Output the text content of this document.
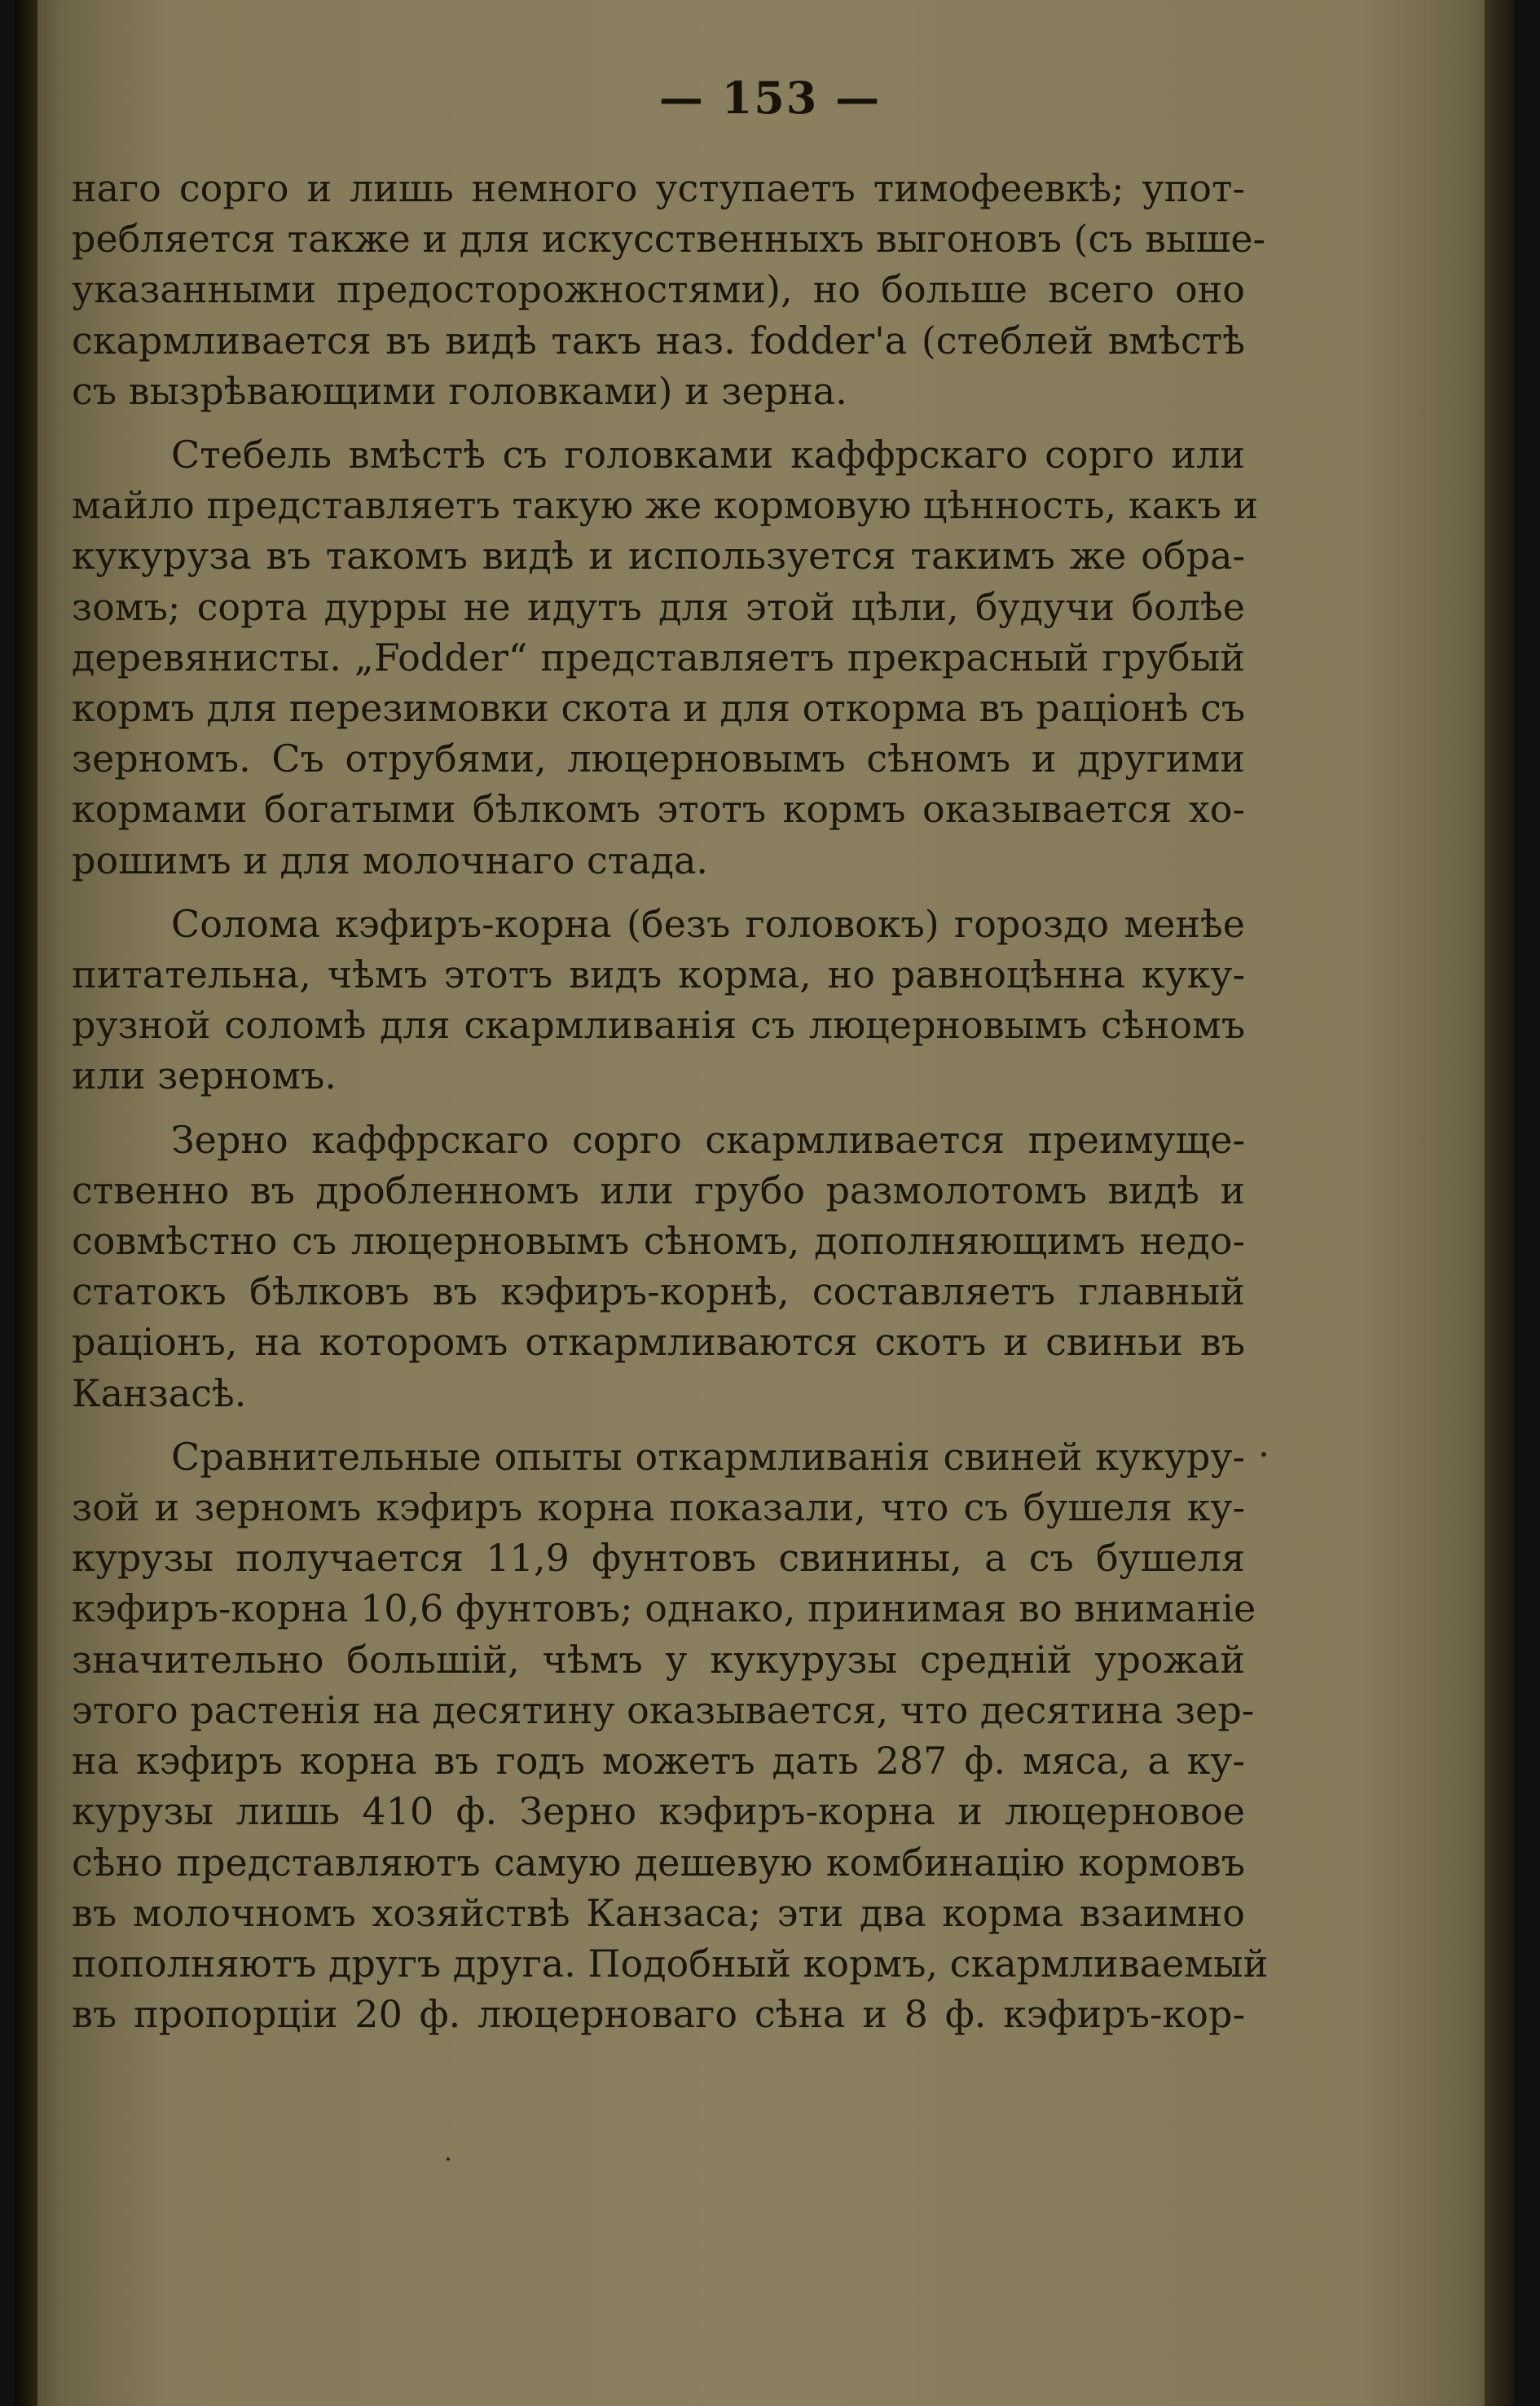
— 153 —
наго сорго и лишь немного уступаетъ тимофеевкѣ; упот-
ребляется также и для искусственныхъ выгоновъ (съ выше-
указанными предосторожностями), но больше всего оно
скармливается въ видѣ такъ наз. fodder'а (стеблей вмѣстѣ
съ вызрѣвающими головками) и зерна.
Стебель вмѣстѣ съ головками каффрскаго сорго или
майло представляетъ такую же кормовую цѣнность, какъ и
кукуруза въ такомъ видѣ и используется такимъ же обра-
зомъ; сорта дурры не идутъ для этой цѣли, будучи болѣе
деревянисты. „Fodder“ представляетъ прекрасный грубый
кормъ для перезимовки скота и для откорма въ раціонѣ съ
зерномъ. Съ отрубями, люцерновымъ сѣномъ и другими
кормами богатыми бѣлкомъ этотъ кормъ оказывается хо-
рошимъ и для молочнаго стада.
Солома кэфиръ-корна (безъ головокъ) гороздо менѣе
питательна, чѣмъ этотъ видъ корма, но равноцѣнна куку-
рузной соломѣ для скармливанія съ люцерновымъ сѣномъ
или зерномъ.
Зерно каффрскаго сорго скармливается преимуще-
ственно въ дробленномъ или грубо размолотомъ видѣ и
совмѣстно съ люцерновымъ сѣномъ, дополняющимъ недо-
статокъ бѣлковъ въ кэфиръ-корнѣ, составляетъ главный
раціонъ, на которомъ откармливаются скотъ и свиньи въ
Канзасѣ.
Сравнительные опыты откармливанія свиней кукуру-
зой и зерномъ кэфиръ корна показали, что съ бушеля ку-
курузы получается 11,9 фунтовъ свинины, а съ бушеля
кэфиръ-корна 10,6 фунтовъ; однако, принимая во вниманіе
значительно большій, чѣмъ у кукурузы средній урожай
этого растенія на десятину оказывается, что десятина зер-
на кэфиръ корна въ годъ можетъ дать 287 ф. мяса, а ку-
курузы лишь 410 ф. Зерно кэфиръ-корна и люцерновое
сѣно представляютъ самую дешевую комбинацію кормовъ
въ молочномъ хозяйствѣ Канзаса; эти два корма взаимно
пополняютъ другъ друга. Подобный кормъ, скармливаемый
въ пропорціи 20 ф. люцерноваго сѣна и 8 ф. кэфиръ-кор-
